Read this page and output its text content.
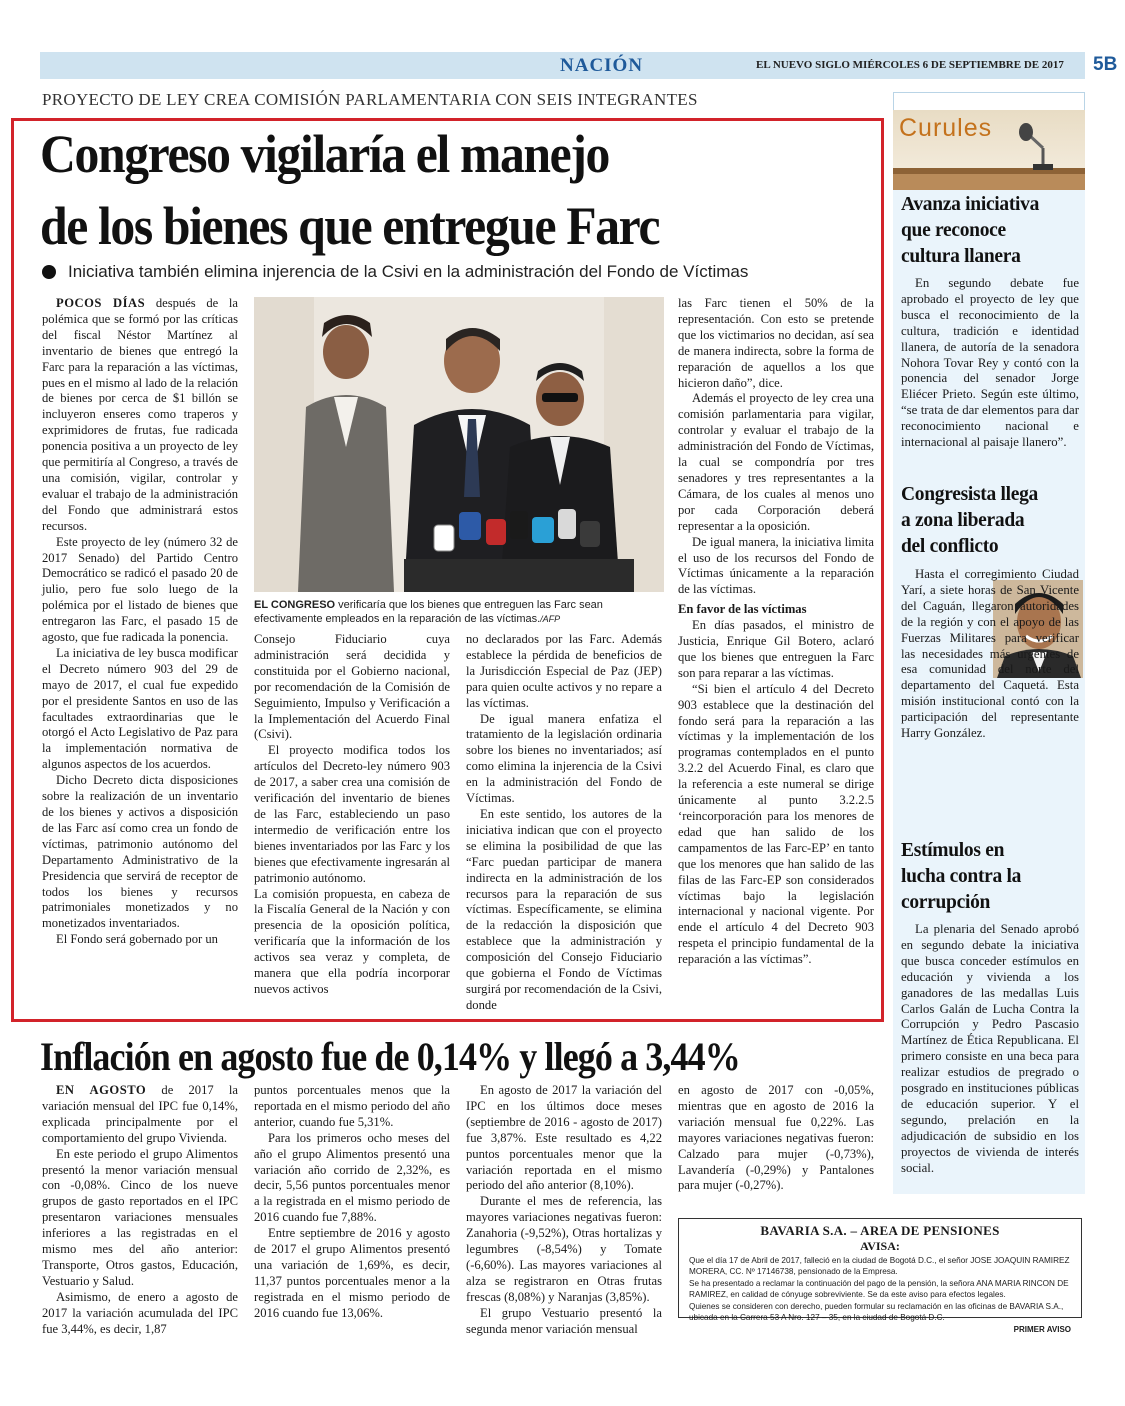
NACIÓN	EL NUEVO SIGLO MIÉRCOLES 6 DE SEPTIEMBRE DE 2017 5B
PROYECTO DE LEY CREA COMISIÓN PARLAMENTARIA CON SEIS INTEGRANTES
Congreso vigilaría el manejo
de los bienes que entregue Farc
Iniciativa también elimina injerencia de la Csivi en la administración del Fondo de Víctimas

POCOS DÍAS después de la polémica que se formó por las críticas del fiscal Néstor Martínez al inventario de bienes que entregó la Farc para la reparación a las víctimas, pues en el mismo al lado de la relación de bienes por cerca de $1 billón se incluyeron enseres como traperos y exprimidores de frutas, fue radicada ponencia positiva a un proyecto de ley que permitiría al Congreso, a través de una comisión, vigilar, controlar y evaluar el trabajo de la administración del Fondo que administrará estos recursos.

Este proyecto de ley (número 32 de 2017 Senado) del Partido Centro Democrático se radicó el pasado 20 de julio, pero fue solo luego de la polémica por el listado de bienes que entregaron las Farc, el pasado 15 de agosto, que fue radicada la ponencia.

La iniciativa de ley busca modificar el Decreto número 903 del 29 de mayo de 2017, el cual fue expedido por el presidente Santos en uso de las facultades extraordinarias que le otorgó el Acto Legislativo de Paz para la implementación normativa de algunos aspectos de los acuerdos.

Dicho Decreto dicta disposiciones sobre la realización de un inventario de los bienes y activos a disposición de las Farc así como crea un fondo de víctimas, patrimonio autónomo del Departamento Administrativo de la Presidencia que servirá de receptor de todos los bienes y recursos patrimoniales monetizados y no monetizados inventariados.

El Fondo será gobernado por un

EL CONGRESO verificaría que los bienes que entreguen las Farc sean efectivamente empleados en la reparación de las víctimas./AFP

Consejo Fiduciario cuya administración será decidida y constituida por el Gobierno nacional, por recomendación de la Comisión de Seguimiento, Impulso y Verificación a la Implementación del Acuerdo Final (Csivi).

El proyecto modifica todos los artículos del Decreto-ley número 903 de 2017, a saber crea una comisión de verificación del inventario de bienes de las Farc, estableciendo un paso intermedio de verificación entre los bienes inventariados por las Farc y los bienes que efectivamente ingresarán al patrimonio autónomo.

La comisión propuesta, en cabeza de la Fiscalía General de la Nación y con presencia de la oposición política, verificaría que la información de los activos sea veraz y completa, de manera que ella podría incorporar nuevos activos

no declarados por las Farc. Además establece la pérdida de beneficios de la Jurisdicción Especial de Paz (JEP) para quien oculte activos y no repare a las víctimas.

De igual manera enfatiza el tratamiento de la legislación ordinaria sobre los bienes no inventariados; así como elimina la injerencia de la Csivi en la administración del Fondo de Víctimas.

En este sentido, los autores de la iniciativa indican que con el proyecto se elimina la posibilidad de que las “Farc puedan participar de manera indirecta en la administración de los recursos para la reparación de sus víctimas. Específicamente, se elimina de la redacción la disposición que establece que la administración y composición del Consejo Fiduciario que gobierna el Fondo de Víctimas surgirá por recomendación de la Csivi, donde

las Farc tienen el 50% de la representación. Con esto se pretende que los victimarios no decidan, así sea de manera indirecta, sobre la forma de reparación de aquellos a los que hicieron daño”, dice.

Además el proyecto de ley crea una comisión parlamentaria para vigilar, controlar y evaluar el trabajo de la administración del Fondo de Víctimas, la cual se compondría por tres senadores y tres representantes a la Cámara, de los cuales al menos uno por cada Corporación deberá representar a la oposición.

De igual manera, la iniciativa limita el uso de los recursos del Fondo de Víctimas únicamente a la reparación de las víctimas.

En favor de las víctimas

En días pasados, el ministro de Justicia, Enrique Gil Botero, aclaró que los bienes que entreguen la Farc son para reparar a las víctimas.

“Si bien el artículo 4 del Decreto 903 establece que la destinación del fondo será para la reparación a las víctimas y la implementación de los programas contemplados en el punto 3.2.2 del Acuerdo Final, es claro que la referencia a este numeral se dirige únicamente al punto 3.2.2.5 ‘reincorporación para los menores de edad que han salido de los campamentos de las Farc-EP’ en tanto que los menores que han salido de las filas de las Farc-EP son considerados víctimas bajo la legislación internacional y nacional vigente. Por ende el artículo 4 del Decreto 903 respeta el principio fundamental de la reparación a las víctimas”.

Inflación en agosto fue de 0,14% y llegó a 3,44%

EN AGOSTO de 2017 la variación mensual del IPC fue 0,14%, explicada principalmente por el comportamiento del grupo Vivienda.

En este periodo el grupo Alimentos presentó la menor variación mensual con -0,08%. Cinco de los nueve grupos de gasto reportados en el IPC presentaron variaciones mensuales inferiores a las registradas en el mismo mes del año anterior: Transporte, Otros gastos, Educación, Vestuario y Salud.

Asimismo, de enero a agosto de 2017 la variación acumulada del IPC fue 3,44%, es decir, 1,87

puntos porcentuales menos que la reportada en el mismo periodo del año anterior, cuando fue 5,31%.

Para los primeros ocho meses del año el grupo Alimentos presentó una variación año corrido de 2,32%, es decir, 5,56 puntos porcentuales menor a la registrada en el mismo periodo de 2016 cuando fue 7,88%.

Entre septiembre de 2016 y agosto de 2017 el grupo Alimentos presentó una variación de 1,69%, es decir, 11,37 puntos porcentuales menor a la registrada en el mismo periodo de 2016 cuando fue 13,06%.

En agosto de 2017 la variación del IPC en los últimos doce meses (septiembre de 2016 - agosto de 2017) fue 3,87%. Este resultado es 4,22 puntos porcentuales menor que la variación reportada en el mismo periodo del año anterior (8,10%).

Durante el mes de referencia, las mayores variaciones negativas fueron: Zanahoria (-9,52%), Otras hortalizas y legumbres (-8,54%) y Tomate (-6,60%). Las mayores variaciones al alza se registraron en Otras frutas frescas (8,08%) y Naranjas (3,85%).

El grupo Vestuario presentó la segunda menor variación mensual

en agosto de 2017 con -0,05%, mientras que en agosto de 2016 la variación mensual fue 0,22%. Las mayores variaciones negativas fueron: Calzado para mujer (-0,73%), Lavandería (-0,29%) y Pantalones para mujer (-0,27%).

Curules
Avanza iniciativa
que reconoce
cultura llanera

En segundo debate fue aprobado el proyecto de ley que busca el reconocimiento de la cultura, tradición e identidad llanera, de autoría de la senadora Nohora Tovar Rey y contó con la ponencia del senador Jorge Eliécer Prieto. Según este último, “se trata de dar elementos para dar reconocimiento nacional e internacional al paisaje llanero”.

Congresista llega
a zona liberada
del conflicto

Hasta el corregimiento Ciudad Yarí, a siete horas de San Vicente del Caguán, llegaron autoridades de la región y con el apoyo de las Fuerzas Militares para verificar las necesidades más urgentes de esa comunidad del norte del departamento del Caquetá. Esta misión institucional contó con la participación del representante Harry González.

Estímulos en
lucha contra la
corrupción

La plenaria del Senado aprobó en segundo debate la iniciativa que busca conceder estímulos en educación y vivienda a los ganadores de las medallas Luis Carlos Galán de Lucha Contra la Corrupción y Pedro Pascasio Martínez de Ética Republicana. El primero consiste en una beca para realizar estudios de pregrado o posgrado en instituciones públicas de educación superior. Y el segundo, prelación en la adjudicación de subsidio en los proyectos de vivienda de interés social.

BAVARIA S.A. – AREA DE PENSIONES
AVISA:

Que el día 17 de Abril de 2017, falleció en la ciudad de Bogotá D.C., el señor JOSE JOAQUIN RAMIREZ MORERA, CC. Nº 17146738, pensionado de la Empresa.

Se ha presentado a reclamar la continuación del pago de la pensión, la señora ANA MARIA RINCON DE RAMIREZ, en calidad de cónyuge sobreviviente. Se da este aviso para efectos legales.

Quienes se consideren con derecho, pueden formular su reclamación en las oficinas de BAVARIA S.A., ubicada en la Carrera 53 A Nro. 127 – 35, en la ciudad de Bogotá D.C.

PRIMER AVISO
